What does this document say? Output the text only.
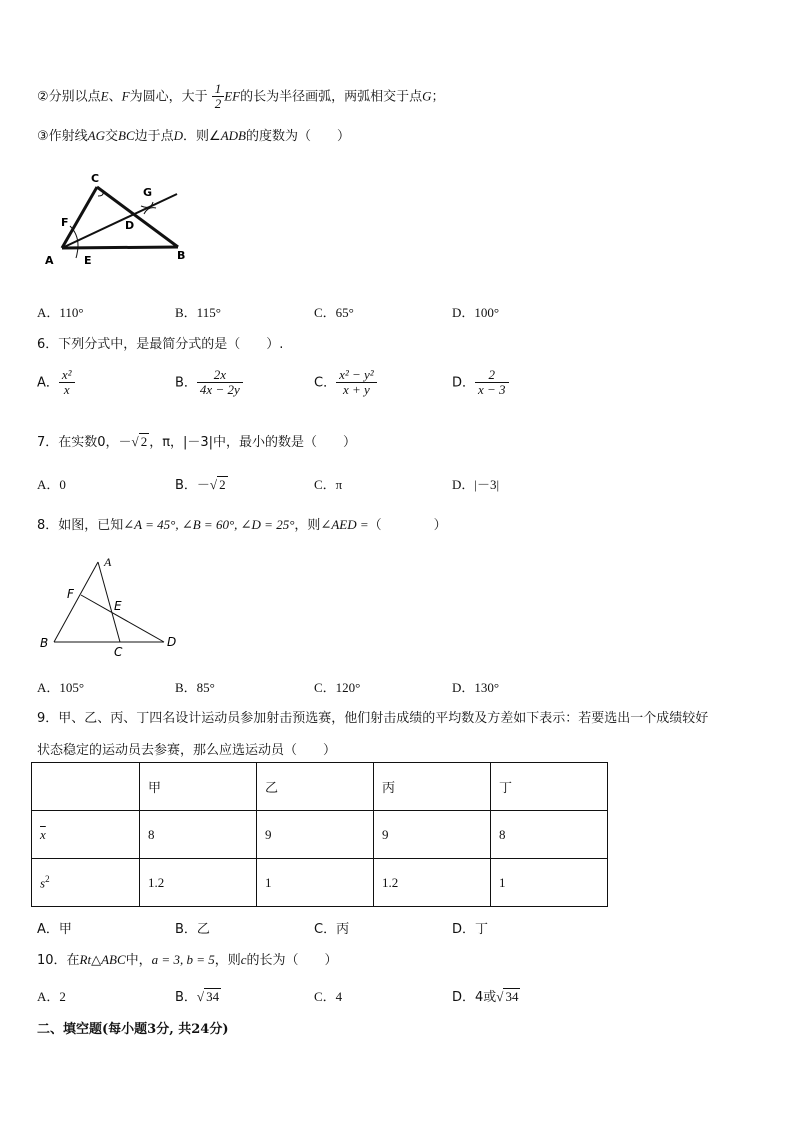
②分别以点E、F为圆心，大于 $\frac{1}{2}$ EF的长为半径画弧，两弧相交于点G；
③作射线AG交BC边于点D．则∠ADB的度数为（　　）
C
G
F	D
A	E	B
A．110°	B．115°	C．65°	D．100°
6．下列分式中，是最简分式的是（　　）.
A． $\frac{\text{x²}}{x}$	B． $\frac{2x}{4x - 2y}$	C． $\frac{\text{x² − y²}}{x + y}$	D． $\frac{2}{x - 3}$
7．在实数0，－√ 2 ，π，|－3|中，最小的数是（　　）
A．0	B．－√ 2	C．π	D．|－3|
8．如图，已知∠A = 45°, ∠B = 60°, ∠D = 25°，则∠AED =（　　　　）
A
F
E
B
C
D
A．105°	B．85°	C．120°	D．130°
9．甲、乙、丙、丁四名设计运动员参加射击预选赛，他们射击成绩的平均数及方差如下表示：若要选出一个成绩较好
状态稳定的运动员去参赛，那么应选运动员（　　）
	甲	乙	丙	丁
$\overline{x}$	8	9	9	8
$s^2$	1.2	1	1.2	1
A．甲	B．乙	C．丙	D．丁
10．在Rt△ABC中，a = 3, b = 5，则c的长为（　　）
A．2	B．√ 34	C．4	D．4或√ 34
二、填空题(每小题3分, 共24分)
